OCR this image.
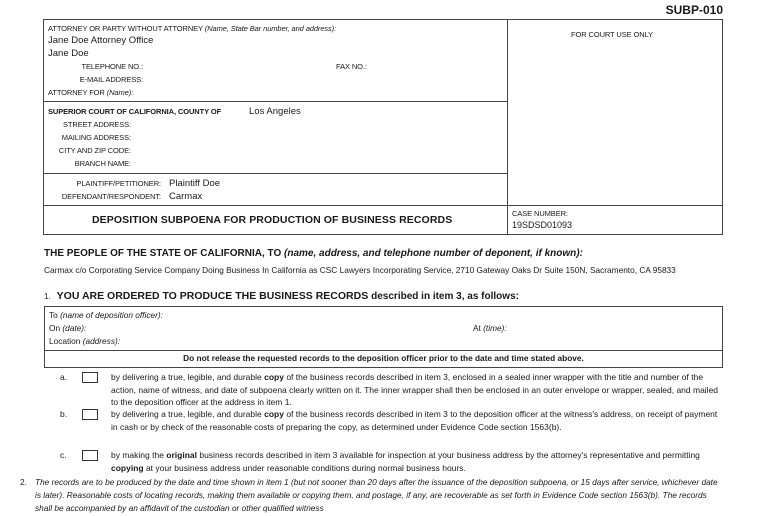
SUBP-010
ATTORNEY OR PARTY WITHOUT ATTORNEY (Name, State Bar number, and address):
Jane Doe Attorney Office
Jane Doe
TELEPHONE NO.:	FAX NO.:
E-MAIL ADDRESS:
ATTORNEY FOR (Name):
SUPERIOR COURT OF CALIFORNIA, COUNTY OF	Los Angeles
STREET ADDRESS:
MAILING ADDRESS:
CITY AND ZIP CODE:
BRANCH NAME:
PLAINTIFF/PETITIONER: Plaintiff Doe
DEFENDANT/RESPONDENT: Carmax
FOR COURT USE ONLY
DEPOSITION SUBPOENA FOR PRODUCTION OF BUSINESS RECORDS
CASE NUMBER:
19SDSD01093
THE PEOPLE OF THE STATE OF CALIFORNIA, TO (name, address, and telephone number of deponent, if known):
Carmax c/o Corporating Service Company Doing Business In California as CSC Lawyers Incorporating Service, 2710 Gateway Oaks Dr Suite 150N, Sacramento, CA 95833
1. YOU ARE ORDERED TO PRODUCE THE BUSINESS RECORDS described in item 3, as follows:
To (name of deposition officer):
On (date):	At (time):
Location (address):
Do not release the requested records to the deposition officer prior to the date and time stated above.
a.	by delivering a true, legible, and durable copy of the business records described in item 3, enclosed in a sealed inner wrapper with the title and number of the action, name of witness, and date of subpoena clearly written on it. The inner wrapper shall then be enclosed in an outer envelope or wrapper, sealed, and mailed to the deposition officer at the address in item 1.
b.	by delivering a true, legible, and durable copy of the business records described in item 3 to the deposition officer at the witness's address, on receipt of payment in cash or by check of the reasonable costs of preparing the copy, as determined under Evidence Code section 1563(b).
c.	by making the original business records described in item 3 available for inspection at your business address by the attorney's representative and permitting copying at your business address under reasonable conditions during normal business hours.
2. The records are to be produced by the date and time shown in item 1 (but not sooner than 20 days after the issuance of the deposition subpoena, or 15 days after service, whichever date is later). Reasonable costs of locating records, making them available or copying them, and postage, if any, are recoverable as set forth in Evidence Code section 1563(b). The records shall be accompanied by an affidavit of the custodian or other qualified witness
